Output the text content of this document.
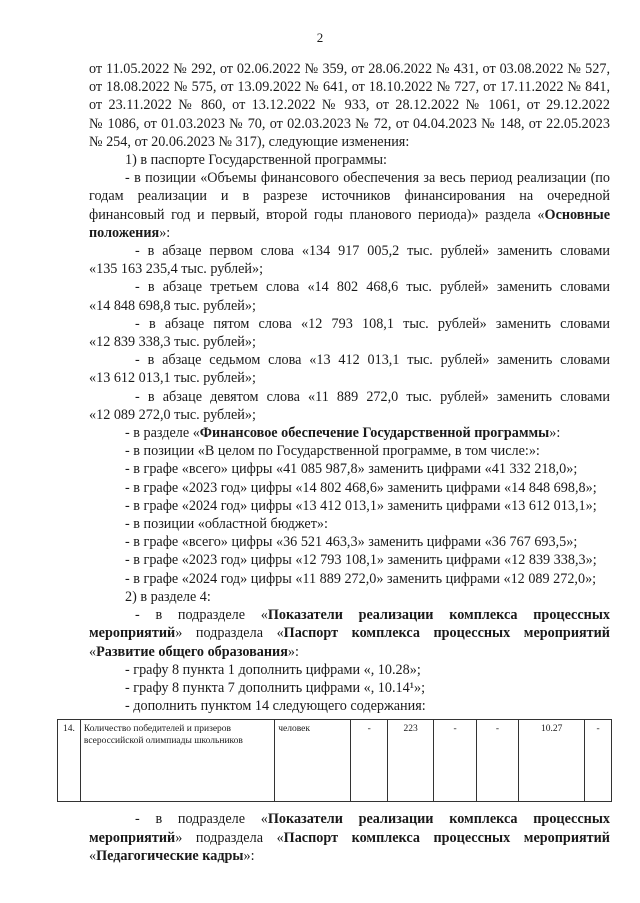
2
от 11.05.2022 № 292, от 02.06.2022 № 359, от 28.06.2022 № 431, от 03.08.2022 № 527,
от 18.08.2022 № 575, от 13.09.2022 № 641, от 18.10.2022 № 727, от 17.11.2022 № 841,
от 23.11.2022 № 860, от 13.12.2022 № 933, от 28.12.2022 № 1061, от 29.12.2022
№ 1086, от 01.03.2023 № 70, от 02.03.2023 № 72, от 04.04.2023 № 148, от 22.05.2023
№ 254, от 20.06.2023 № 317), следующие изменения:
1) в паспорте Государственной программы:
- в позиции «Объемы финансового обеспечения за весь период реализации (по
годам реализации и в разрезе источников финансирования на очередной
финансовый год и первый, второй годы планового периода)» раздела «Основные
положения»:
- в абзаце первом слова «134 917 005,2 тыс. рублей» заменить словами
«135 163 235,4 тыс. рублей»;
- в абзаце третьем слова «14 802 468,6 тыс. рублей» заменить словами
«14 848 698,8 тыс. рублей»;
- в абзаце пятом слова «12 793 108,1 тыс. рублей» заменить словами
«12 839 338,3 тыс. рублей»;
- в абзаце седьмом слова «13 412 013,1 тыс. рублей» заменить словами
«13 612 013,1 тыс. рублей»;
- в абзаце девятом слова «11 889 272,0 тыс. рублей» заменить словами
«12 089 272,0 тыс. рублей»;
- в разделе «Финансовое обеспечение Государственной программы»:
- в позиции «В целом по Государственной программе, в том числе:»:
- в графе «всего» цифры «41 085 987,8» заменить цифрами «41 332 218,0»;
- в графе «2023 год» цифры «14 802 468,6» заменить цифрами «14 848 698,8»;
- в графе «2024 год» цифры «13 412 013,1» заменить цифрами «13 612 013,1»;
- в позиции «областной бюджет»:
- в графе «всего» цифры «36 521 463,3» заменить цифрами «36 767 693,5»;
- в графе «2023 год» цифры «12 793 108,1» заменить цифрами «12 839 338,3»;
- в графе «2024 год» цифры «11 889 272,0» заменить цифрами «12 089 272,0»;
2) в разделе 4:
- в подразделе «Показатели реализации комплекса процессных
мероприятий» подраздела «Паспорт комплекса процессных мероприятий
«Развитие общего образования»:
- графу 8 пункта 1 дополнить цифрами «, 10.28»;
- графу 8 пункта 7 дополнить цифрами «, 10.14¹»;
- дополнить пунктом 14 следующего содержания:
14.	Количество победителей и призеров всероссийской олимпиады школьников	человек	-	223	-	-	10.27	-
- в подразделе «Показатели реализации комплекса процессных
мероприятий» подраздела «Паспорт комплекса процессных мероприятий
«Педагогические кадры»:
